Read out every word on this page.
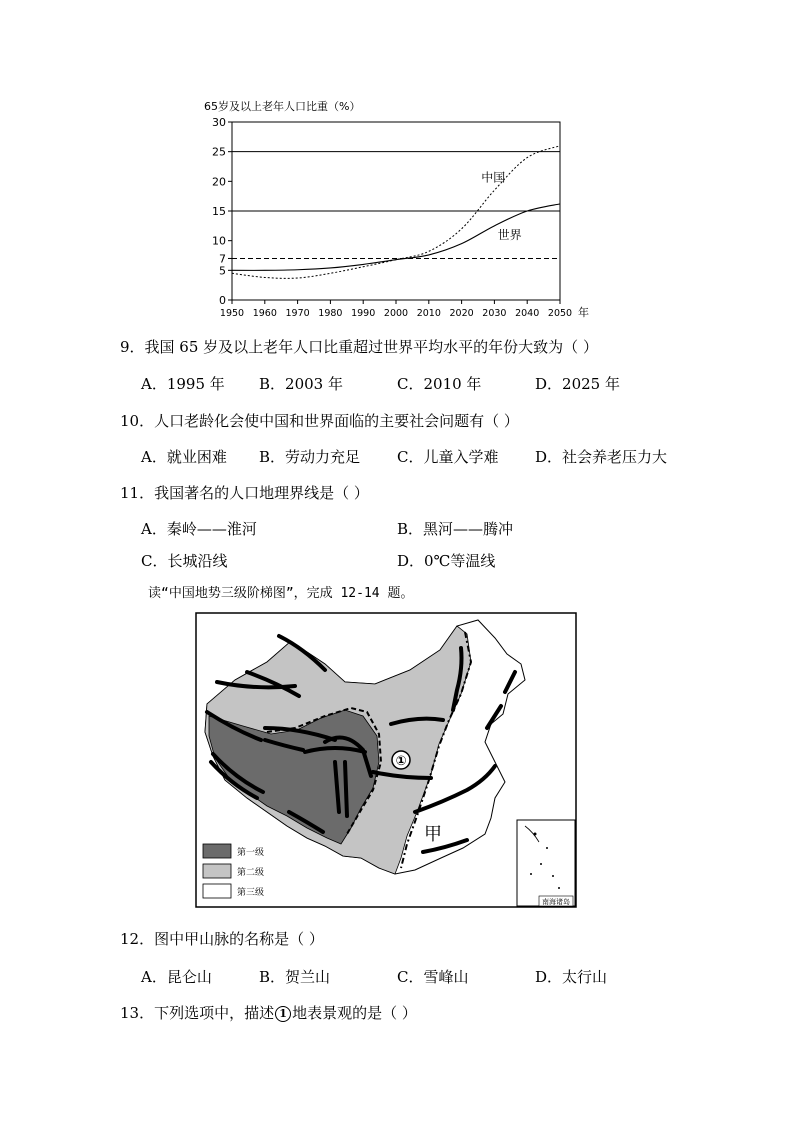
65岁及以上老年人口比重（%）
0
5
7
10
15
20
25
30
1950 1960 1970 1980 1990 2000 2010 2020 2030 2040 2050 年
中国
世界
9．我国 65 岁及以上老年人口比重超过世界平均水平的年份大致为（ ）
A．1995 年 B．2003 年	C．2010 年	D．2025 年
10．人口老龄化会使中国和世界面临的主要社会问题有（ ）
A．就业困难 B．劳动力充足 C．儿童入学难 D．社会养老压力大
11．我国著名的人口地理界线是（ ）
A．秦岭——淮河	B．黑河——腾冲
C．长城沿线	D．0℃等温线
读“中国地势三级阶梯图”，完成 12-14 题。
①
甲
第一级
第二级
第三级
南海诸岛
12．图中甲山脉的名称是（ ）
A．昆仑山	B．贺兰山	C．雪峰山	D．太行山
13．下列选项中，描述 1 地表景观的是（ ）
